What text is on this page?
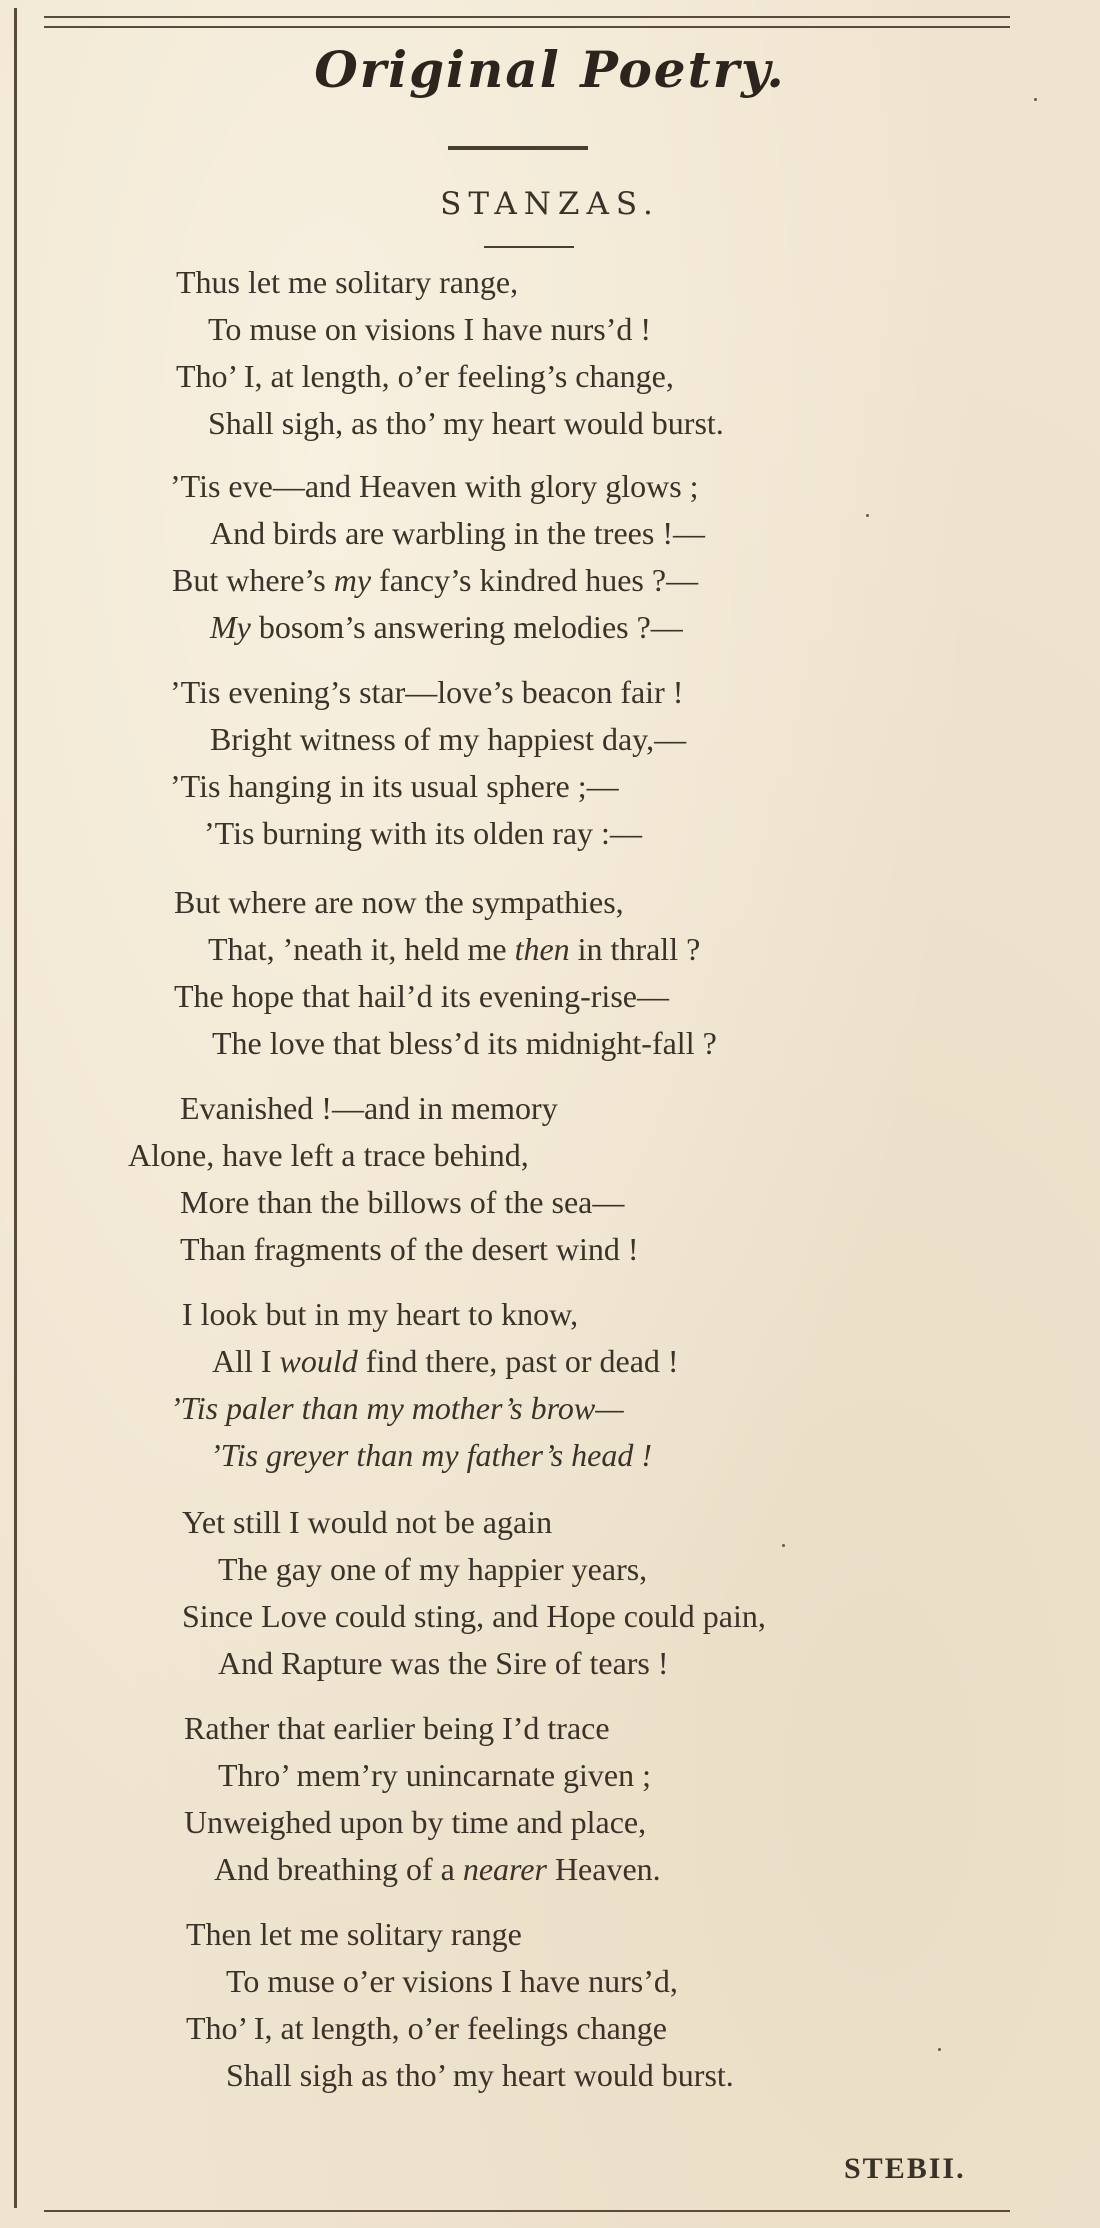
Original Poetry.
STANZAS.
Thus let me solitary range,
To muse on visions I have nurs’d !
Tho’ I, at length, o’er feeling’s change,
Shall sigh, as tho’ my heart would burst.
’Tis eve—and Heaven with glory glows ;
And birds are warbling in the trees !—
But where’s my fancy’s kindred hues ?—
My bosom’s answering melodies ?—
’Tis evening’s star—love’s beacon fair !
Bright witness of my happiest day,—
’Tis hanging in its usual sphere ;—
’Tis burning with its olden ray :—
But where are now the sympathies,
That, ’neath it, held me then in thrall ?
The hope that hail’d its evening-rise—
The love that bless’d its midnight-fall ?
Evanished !—and in memory
Alone, have left a trace behind,
More than the billows of the sea—
Than fragments of the desert wind !
I look but in my heart to know,
All I would find there, past or dead !
’Tis paler than my mother’s brow—
’Tis greyer than my father’s head !
Yet still I would not be again
The gay one of my happier years,
Since Love could sting, and Hope could pain,
And Rapture was the Sire of tears !
Rather that earlier being I’d trace
Thro’ mem’ry unincarnate given ;
Unweighed upon by time and place,
And breathing of a nearer Heaven.
Then let me solitary range
To muse o’er visions I have nurs’d,
Tho’ I, at length, o’er feelings change
Shall sigh as tho’ my heart would burst.
STEBII.
